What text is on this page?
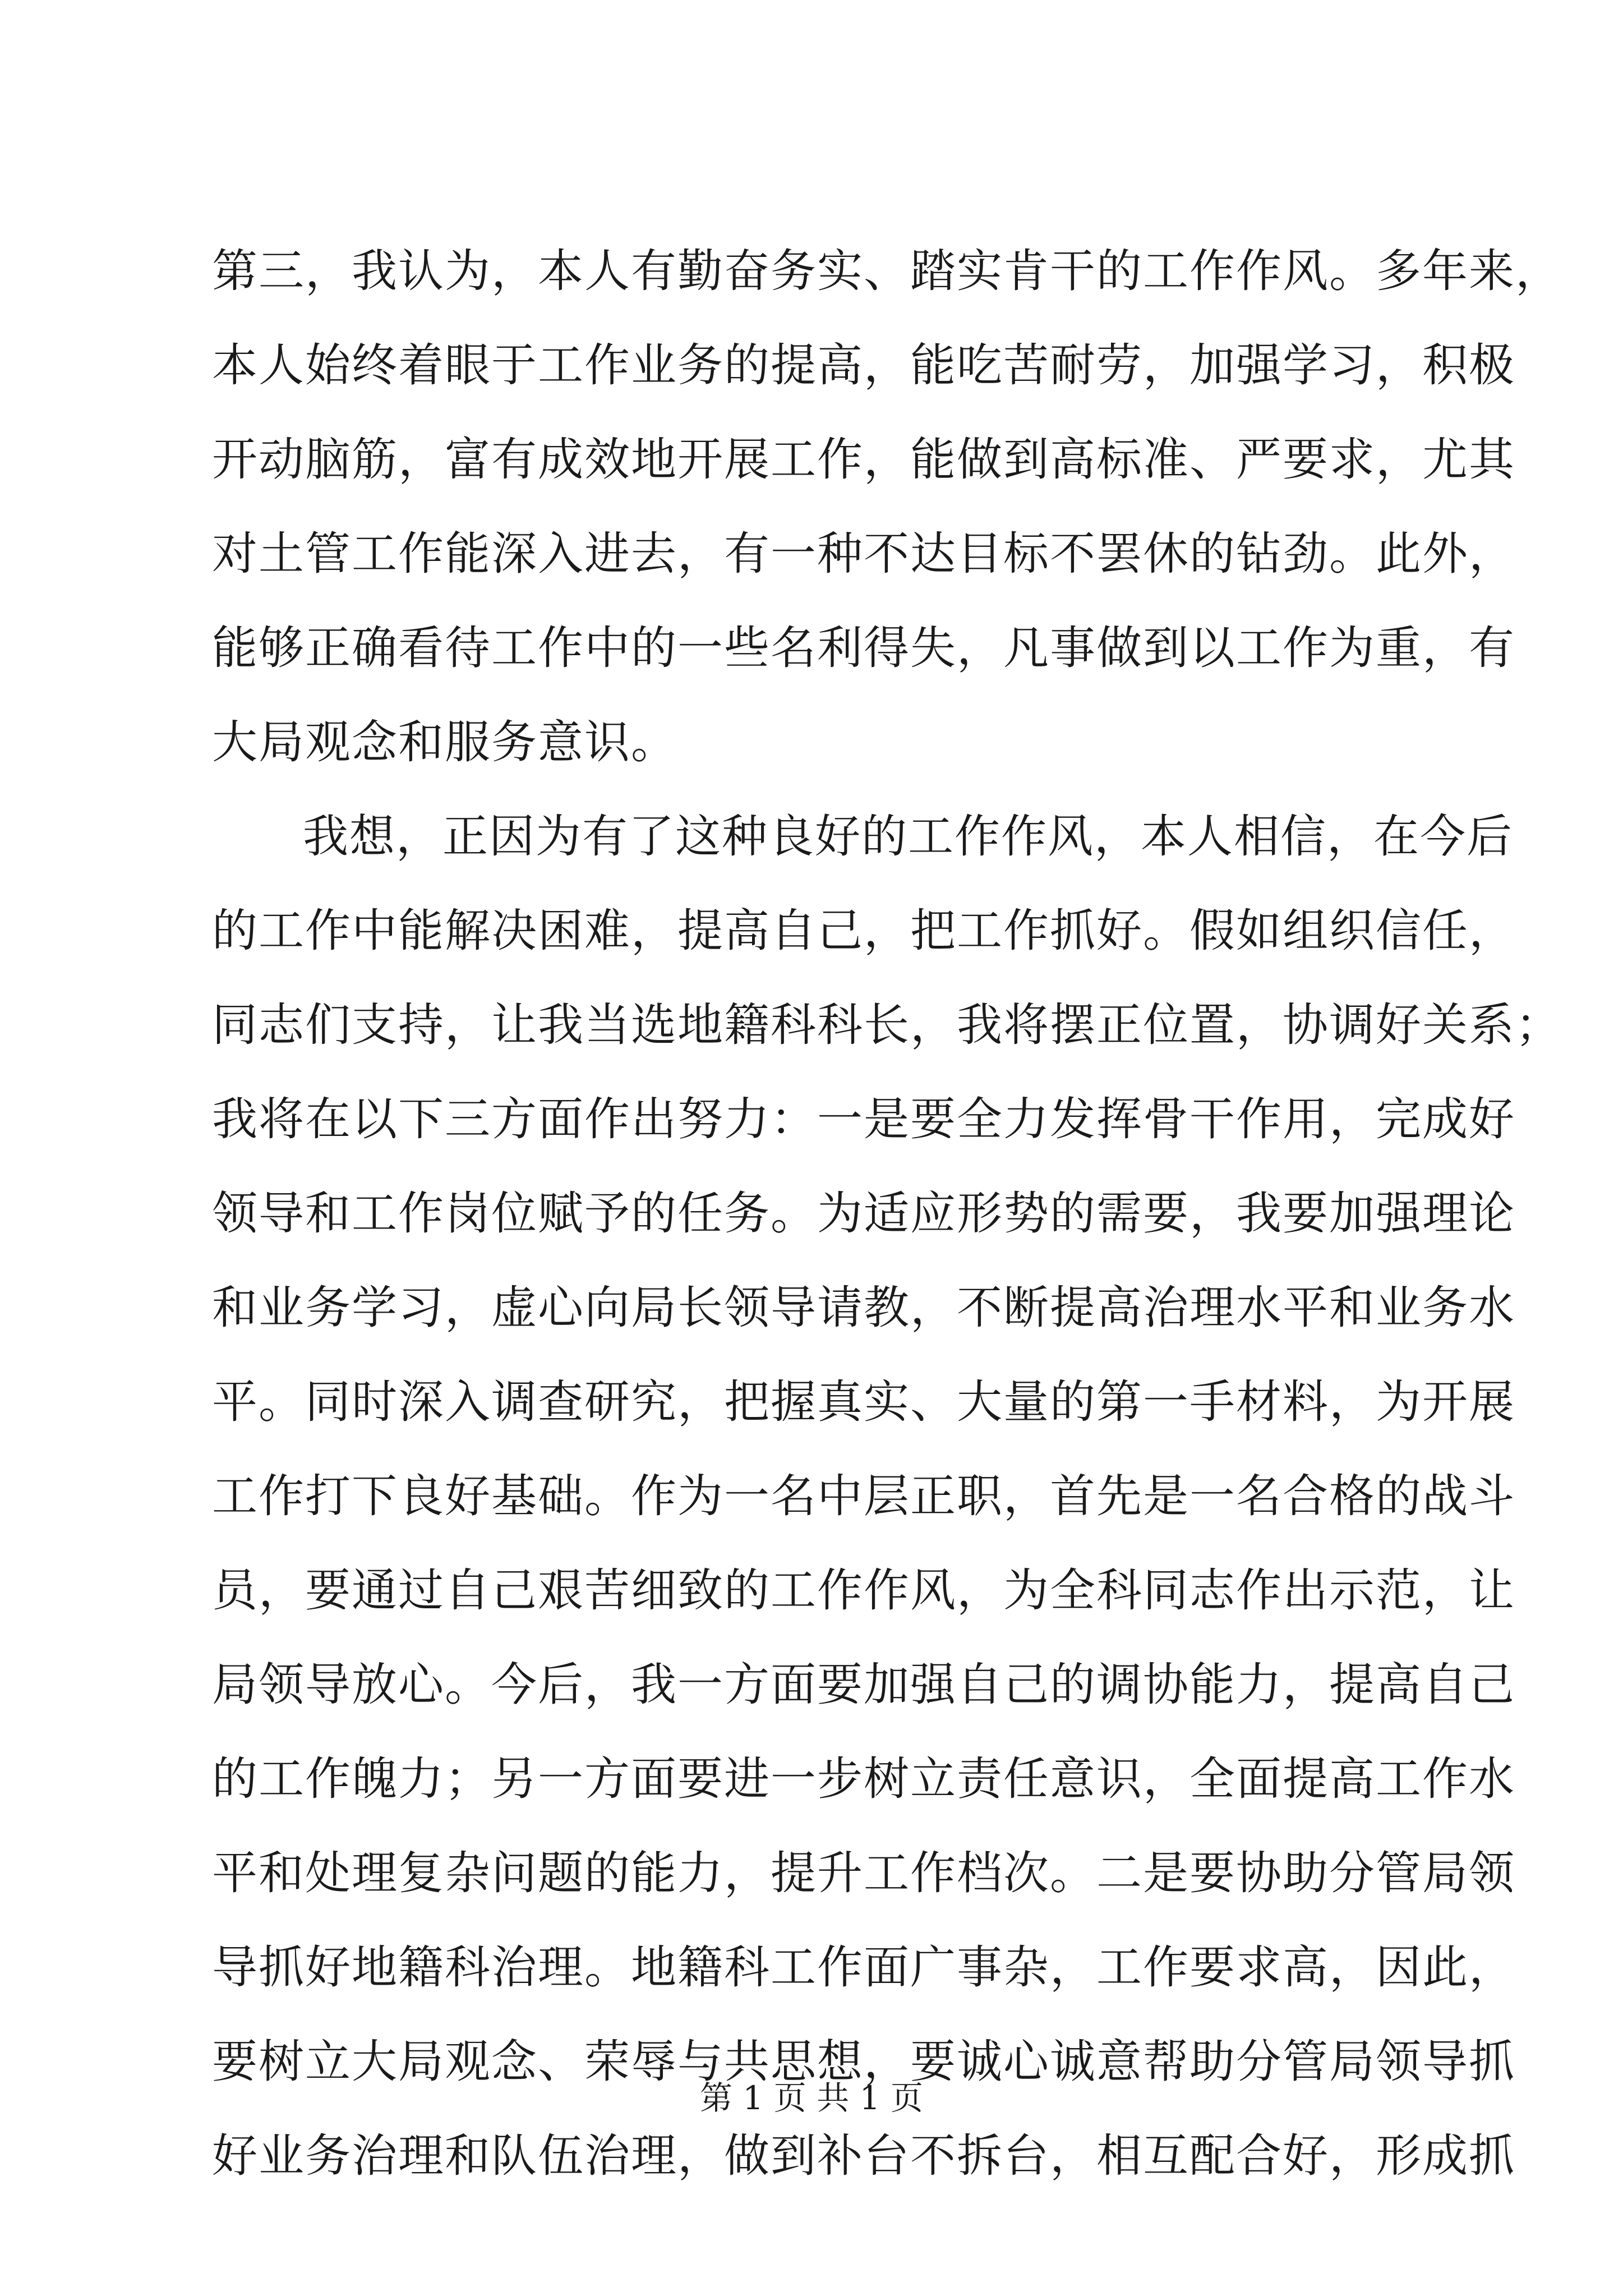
第三，我认为，本人有勤奋务实、踏实肯干的工作作风。多年来，
本人始终着眼于工作业务的提高，能吃苦耐劳，加强学习，积极
开动脑筋，富有成效地开展工作，能做到高标准、严要求，尤其
对土管工作能深入进去，有一种不达目标不罢休的钻劲。此外，
能够正确看待工作中的一些名利得失，凡事做到以工作为重，有
大局观念和服务意识。
我想，正因为有了这种良好的工作作风，本人相信，在今后
的工作中能解决困难，提高自己，把工作抓好。假如组织信任，
同志们支持，让我当选地籍科科长，我将摆正位置，协调好关系；
我将在以下三方面作出努力：一是要全力发挥骨干作用，完成好
领导和工作岗位赋予的任务。为适应形势的需要，我要加强理论
和业务学习，虚心向局长领导请教，不断提高治理水平和业务水
平。同时深入调查研究，把握真实、大量的第一手材料，为开展
工作打下良好基础。作为一名中层正职，首先是一名合格的战斗
员，要通过自己艰苦细致的工作作风，为全科同志作出示范，让
局领导放心。今后，我一方面要加强自己的调协能力，提高自己
的工作魄力；另一方面要进一步树立责任意识，全面提高工作水
平和处理复杂问题的能力，提升工作档次。二是要协助分管局领
导抓好地籍科治理。地籍科工作面广事杂，工作要求高，因此，
要树立大局观念、荣辱与共思想，要诚心诚意帮助分管局领导抓
好业务治理和队伍治理，做到补台不拆台，相互配合好，形成抓
第 1 页 共 1 页
